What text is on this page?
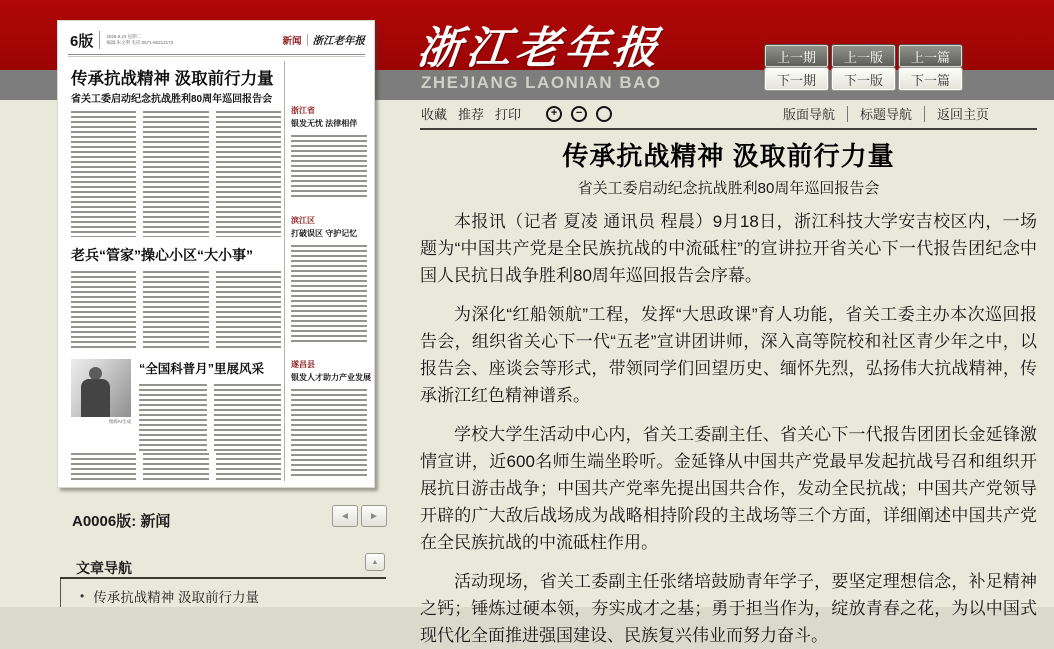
浙江老年报
ZHEJIANG LAONIAN BAO
上一期	上一版	上一篇
下一期	下一版	下一篇
收藏 推荐 打印	+	−	版面导航 标题导航 返回主页
传承抗战精神 汲取前行力量
省关工委启动纪念抗战胜利80周年巡回报告会

本报讯（记者 夏凌 通讯员 程晨）9月18日，浙江科技大学安吉校区内，一场题为“中国共产党是全民族抗战的中流砥柱”的宣讲拉开省关心下一代报告团纪念中国人民抗日战争胜利80周年巡回报告会序幕。

为深化“红船领航”工程，发挥“大思政课”育人功能，省关工委主办本次巡回报告会，组织省关心下一代“五老”宣讲团讲师，深入高等院校和社区青少年之中，以报告会、座谈会等形式，带领同学们回望历史、缅怀先烈，弘扬伟大抗战精神，传承浙江红色精神谱系。

学校大学生活动中心内，省关工委副主任、省关心下一代报告团团长金延锋激情宣讲，近600名师生端坐聆听。金延锋从中国共产党最早发起抗战号召和组织开展抗日游击战争；中国共产党率先提出国共合作，发动全民抗战；中国共产党领导开辟的广大敌后战场成为战略相持阶段的主战场等三个方面，详细阐述中国共产党在全民族抗战的中流砥柱作用。

活动现场，省关工委副主任张绪培鼓励青年学子，要坚定理想信念，补足精神之钙；锤炼过硬本领，夯实成才之基；勇于担当作为，绽放青春之花，为以中国式现代化全面推进强国建设、民族复兴伟业而努力奋斗。

6版	2025.9.23 星期二
编辑:朱文利 电话:0571-85212173	新闻 浙江老年报
传承抗战精神 汲取前行力量
省关工委启动纪念抗战胜利80周年巡回报告会
老兵“管家”操心小区“大小事”
图源AI生成
“全国科普月”里展风采
浙江省
银发无忧 法律相伴
滨江区
打破误区 守护记忆
遂昌县
银发人才助力产业发展
A0006版: 新闻	◄	►
文章导航	▲
• 传承抗战精神 汲取前行力量
